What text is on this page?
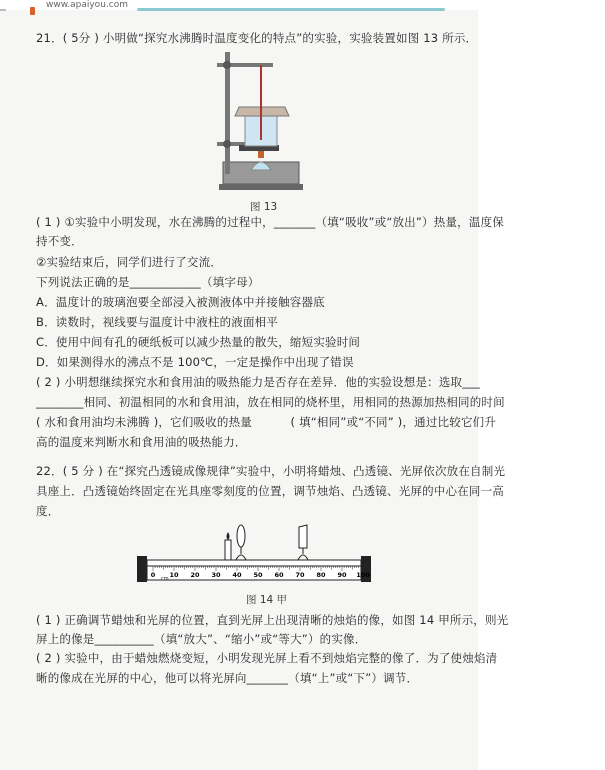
www.apaiyou.com
21．( 5分 ) 小明做“探究水沸腾时温度变化的特点”的实验，实验装置如图 13 所示．
图 13
( 1 ) ①实验中小明发现，水在沸腾的过程中，_______（填“吸收”或“放出”）热量，温度保
持不变．
②实验结束后，同学们进行了交流．
下列说法正确的是____________（填字母）
A．温度计的玻璃泡要全部浸入被测液体中并接触容器底
B．读数时，视线要与温度计中液柱的液面相平
C．使用中间有孔的硬纸板可以减少热量的散失，缩短实验时间
D．如果测得水的沸点不是 100℃，一定是操作中出现了错误
( 2 ) 小明想继续探究水和食用油的吸热能力是否存在差异．他的实验设想是：选取___
________相同、初温相同的水和食用油，放在相同的烧杯里，用相同的热源加热相同的时间
( 水和食用油均未沸腾 )，它们吸收的热量          ( 填“相同”或“不同” )，通过比较它们升
高的温度来判断水和食用油的吸热能力．
22．( 5 分 ) 在“探究凸透镜成像规律”实验中，小明将蜡烛、凸透镜、光屏依次放在自制光
具座上．凸透镜始终固定在光具座零刻度的位置，调节烛焰、凸透镜、光屏的中心在同一高
度．
0 10 20 30 40 50 60 70 80 90 100
cm
图 14 甲
( 1 ) 正确调节蜡烛和光屏的位置，直到光屏上出现清晰的烛焰的像，如图 14 甲所示，则光
屏上的像是__________（填“放大”、“缩小”或“等大”）的实像．
( 2 ) 实验中，由于蜡烛燃烧变短，小明发现光屏上看不到烛焰完整的像了．为了使烛焰清
晰的像成在光屏的中心，他可以将光屏向_______（填“上”或“下”）调节．
